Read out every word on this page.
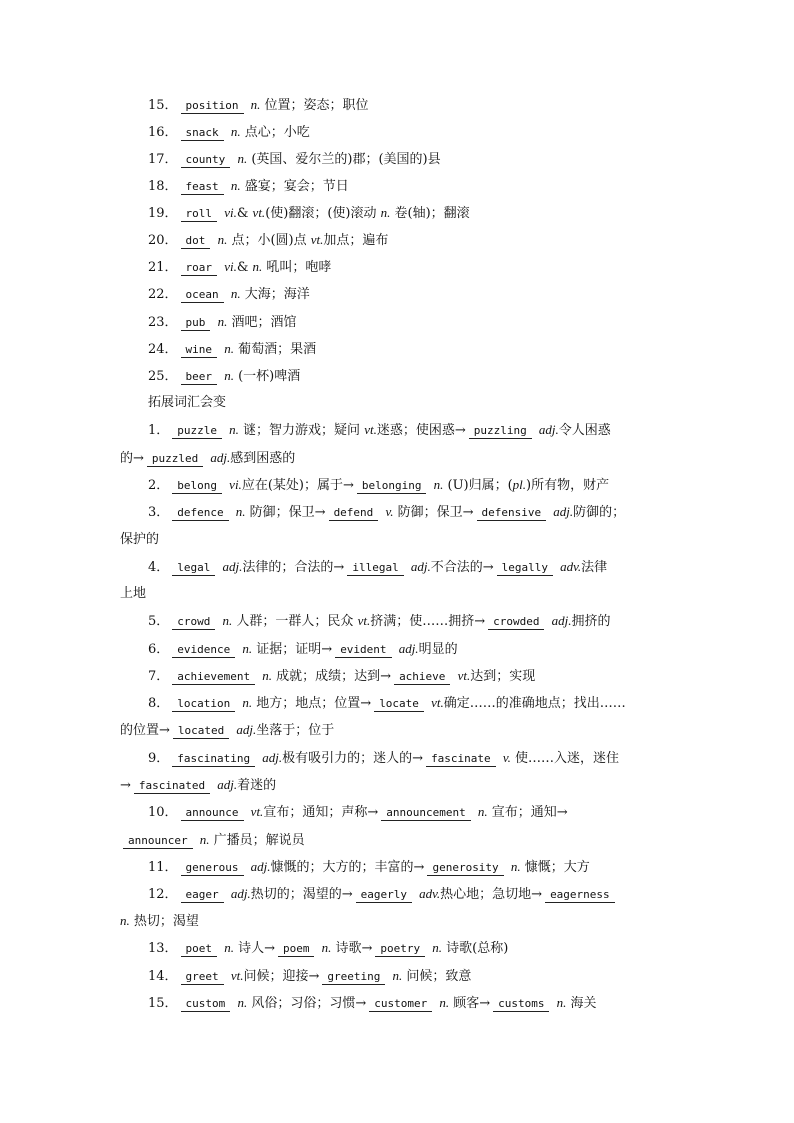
15． position n. 位置；姿态；职位
16． snack n. 点心；小吃
17． county n. (英国、爱尔兰的)郡；(美国的)县
18． feast n. 盛宴；宴会；节日
19． roll vi.& vt.(使)翻滚；(使)滚动 n. 卷(轴)；翻滚
20． dot n. 点；小(圆)点 vt.加点；遍布
21． roar vi.& n. 吼叫；咆哮
22． ocean n. 大海；海洋
23． pub n. 酒吧；酒馆
24． wine n. 葡萄酒；果酒
25． beer n. (一杯)啤酒
拓展词汇会变
1． puzzle n. 谜；智力游戏；疑问 vt.迷惑；使困惑→ puzzling adj.令人困惑
的→ puzzled adj.感到困惑的
2． belong vi.应在(某处)；属于→ belonging n. (U)归属；(pl.)所有物，财产
3． defence n. 防御；保卫→ defend v. 防御；保卫→ defensive adj.防御的；
保护的
4． legal adj.法律的；合法的→ illegal adj.不合法的→ legally adv.法律
上地
5． crowd n. 人群；一群人；民众 vt.挤满；使……拥挤→ crowded adj.拥挤的
6． evidence n. 证据；证明→ evident adj.明显的
7． achievement n. 成就；成绩；达到→ achieve vt.达到；实现
8． location n. 地方；地点；位置→ locate vt.确定……的准确地点；找出……
的位置→ located adj.坐落于；位于
9． fascinating adj.极有吸引力的；迷人的→ fascinate v. 使……入迷，迷住
→ fascinated adj.着迷的
10． announce vt.宣布；通知；声称→ announcement n. 宣布；通知→
announcer n. 广播员；解说员
11． generous adj.慷慨的；大方的；丰富的→ generosity n. 慷慨；大方
12． eager adj.热切的；渴望的→ eagerly adv.热心地；急切地→ eagerness
n. 热切；渴望
13． poet n. 诗人→ poem n. 诗歌→ poetry n. 诗歌(总称)
14． greet vt.问候；迎接→ greeting n. 问候；致意
15． custom n. 风俗；习俗；习惯→ customer n. 顾客→ customs n. 海关
